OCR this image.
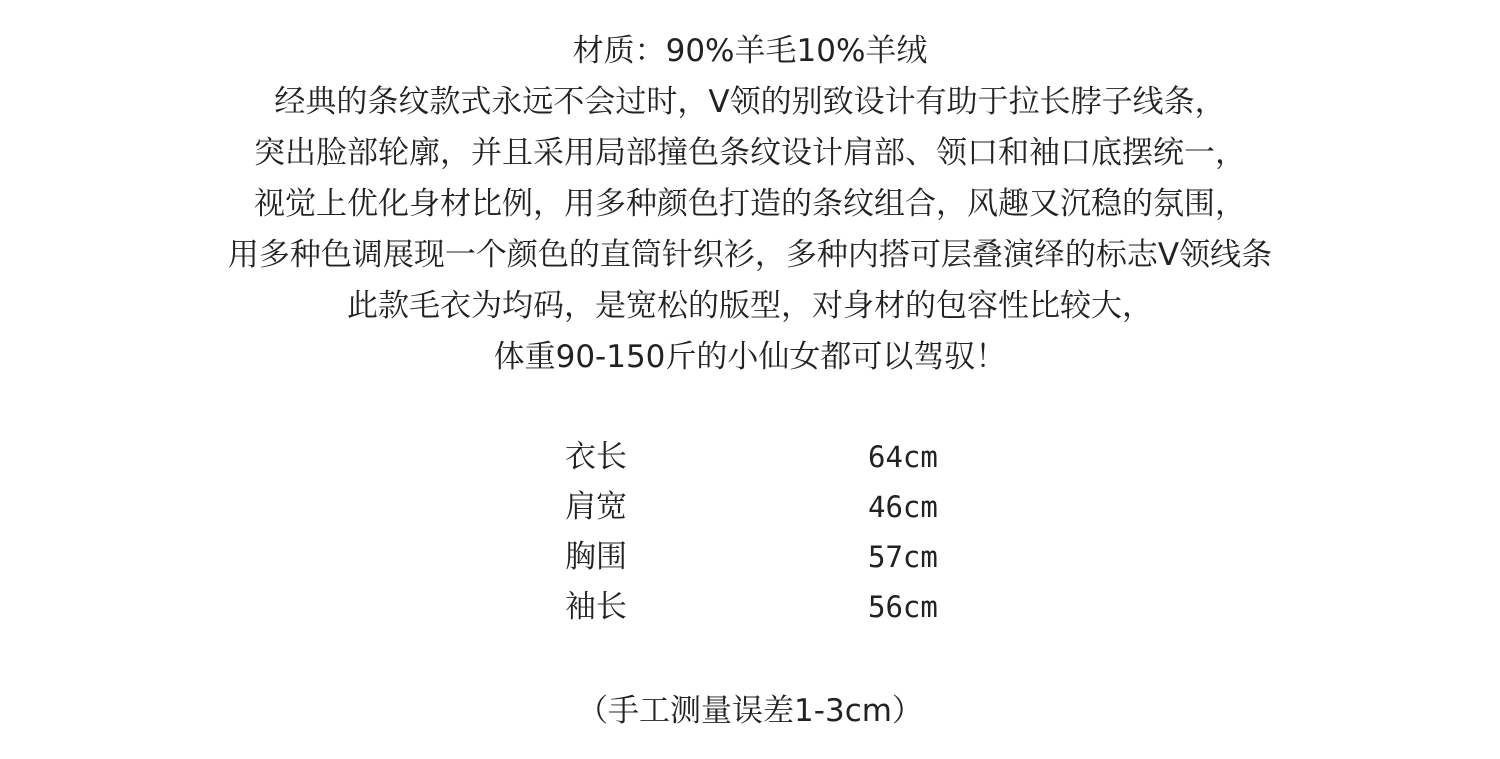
材质：90%羊毛10%羊绒
经典的条纹款式永远不会过时，V领的别致设计有助于拉长脖子线条，
突出脸部轮廓，并且采用局部撞色条纹设计肩部、领口和袖口底摆统一，
视觉上优化身材比例，用多种颜色打造的条纹组合，风趣又沉稳的氛围，
用多种色调展现一个颜色的直筒针织衫，多种内搭可层叠演绎的标志V领线条
此款毛衣为均码，是宽松的版型，对身材的包容性比较大，
体重90-150斤的小仙女都可以驾驭！
衣长	64cm
肩宽	46cm
胸围	57cm
袖长	56cm
（手工测量误差1-3cm）
